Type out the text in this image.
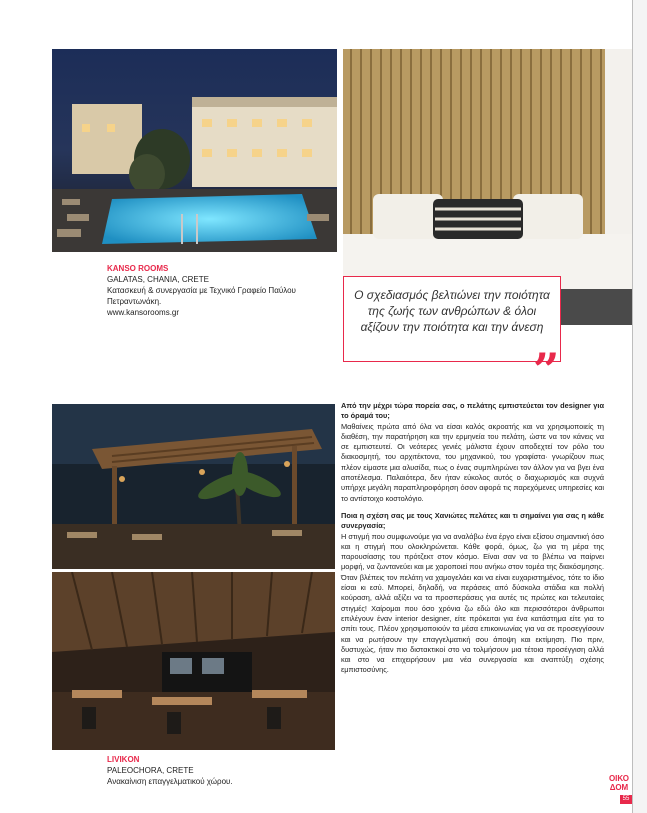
KANSO ROOMS
GALATAS, CHANIA, CRETE
Κατασκευή & συνεργασία με Τεχνικό Γραφείο Παύλου Πετραντωνάκη.
www.kansorooms.gr
Ο σχεδιασμός βελτιώνει την ποιότητα της ζωής των ανθρώπων & όλοι αξίζουν την ποιότητα και την άνεση
”

Από την μέχρι τώρα πορεία σας, ο πελάτης εμπιστεύεται τον designer για το όραμά του;
Μαθαίνεις πρώτα από όλα να είσαι καλός ακροατής και να χρησιμοποιείς τη διαθέση, την παρατήρηση και την ερμηνεία του πελάτη, ώστε να τον κάνεις να σε εμπιστευτεί. Οι νεότερες γενιές μάλιστα έχουν αποδεχτεί τον ρόλο του διακοσμητή, του αρχιτέκτονα, του μηχανικού, του γραφίστα· γνωρίζουν πως πλέον είμαστε μια αλυσίδα, πως ο ένας συμπληρώνει τον άλλον για να βγει ένα αποτέλεσμα. Παλαιότερα, δεν ήταν εύκολος αυτός ο διαχωρισμός και συχνά υπήρχε μεγάλη παραπληροφόρηση όσον αφορά τις παρεχόμενες υπηρεσίες και το αντίστοιχο κοστολόγιο.

Ποια η σχέση σας με τους Χανιώτες πελάτες και τι σημαίνει για σας η κάθε συνεργασία;
Η στιγμή που συμφωνούμε για να αναλάβω ένα έργο είναι εξίσου σημαντική όσο και η στιγμή που ολοκληρώνεται. Κάθε φορά, όμως, ζω για τη μέρα της παρουσίασης του πρότζεκτ στον κόσμο. Είναι σαν να το βλέπω να παίρνει μορφή, να ζωντανεύει και με χαροποιεί που ανήκω στον τομέα της διακόσμησης. Όταν βλέπεις τον πελάτη να χαμογελάει και να είναι ευχαριστημένος, τότε το ίδιο είσαι κι εσύ. Μπορεί, δηλαδή, να περάσεις από δύσκολα στάδια και πολλή κούραση, αλλά αξίζει να τα προσπεράσεις για αυτές τις πρώτες και τελευταίες στιγμές! Χαίρομαι που όσο χρόνια ζω εδώ όλο και περισσότεροι άνθρωποι επιλέγουν έναν interior designer, είτε πρόκειται για ένα κατάστημα είτε για το σπίτι τους. Πλέον χρησιμοποιούν τα μέσα επικοινωνίας για να σε προσεγγίσουν και να ρωτήσουν την επαγγελματική σου άποψη και εκτίμηση. Πιο πριν, δυστυχώς, ήταν πιο διστακτικοί στο να τολμήσουν μια τέτοια προσέγγιση αλλά και στο να επιχειρήσουν μια νέα συνεργασία και αναπτύξη σχέσης εμπιστοσύνης.

LIVIKON
PALEOCHORA, CRETE
Ανακαίνιση επαγγελματικού χώρου.	ΟΙΚΟ
ΔΟΜ
55
